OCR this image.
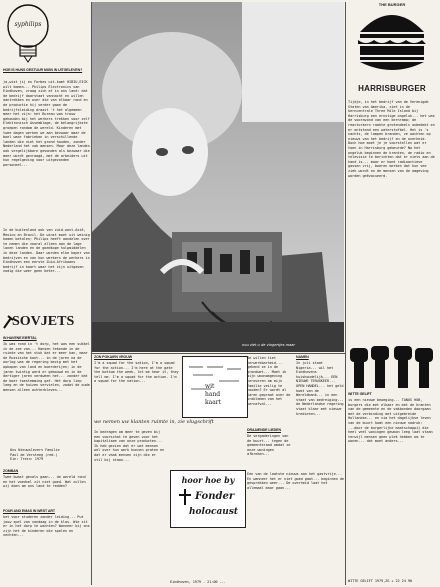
syphilips
HOE IS HUNS GESTUUR MIGN IN UITGELEVEN?
ja,wist jij en Forbes uit-komt HIBIU,EICK wilt komen... Philips Electronics van Eindhoven, vraag zich af in ons land: dat de bedrijf daarstaat vannacht en willen aantrekken en over die van elkaar rond en de productie hij verder gaan de bedrijfsleiding draait 't het algemeen meer het zijn: het Bureau was trouw gehouden bij het werkers trekken voor zelf Elektronisch Assemblage, de belangrijkste groepen rondom de wereld. Kinderen met twee dagen werken we aan bezwaar maar de boel waar fabrieken in verschillende landen die niet het grond houden, zonder Nederland het vak mensen. Maar deze landen ook vergelijkbare gevonden als bezwaar die meer wordt gevraagd, met de arbeiders uit hun regelgeving voor uitgezonden personeel...
In de buitenland ook van zuid-oost-Azië, Mexico en Brazil. De winst moet uit weinig komen betalen; Philips heeft aandelen over te nemen die vooral alleen aan de lage lonen landen en de goedkope hulpmiddelen in deze landen. Daar worden elke koper van bedrijven en van hun werkers de werkers in Eindhoven een eerste Zuid-Afrikaans bedrijf in kaart waar het zijn uitgaven nodig die weer geen beter...
nou ziet u de vingertjes maar
THE BURGER
HARRISBURGER
Tijdje, in het bedrijf van de Verenigde Staten van Amerika, ziet in de kerncentrale Three Mile Island bij Harrisburg een ernstige ongeluk... het was de vooravond van een kernramp; de reactorkern raakte grotendeels onbedekt en er ontstond een waterstofbel. Het is 's nachts, de lampen branden, ze wachten op nieuws van het bedrijf en de overheid. Doch hoe moet je je voorstellen wat er toen in Harrisburg gebeurde? Na het ongeluk beginnen de kranten, de radio en televisie te berichten dat er niets aan de hand is... maar er komt radioactieve gassen vrij, boeren merken dat hun vee ziek wordt en de mensen van de omgeving worden geëvacueerd.
WITTE GELIFT
is een nieuwe beweging... TANUS HUB, burgers die met elkaar en met de kranten van de gemeente en de vakbonden doorgaan met de verbinding met uitgebreide Hollandse... en via het dagelijkse leven van de buurt komt een nieuwe nadruk: ...door de burgerlijke maatschappij die heel veel woningen gewoon leeg laat staan terwijl mensen geen plek hebben om te wonen... dat moet anders...
WITTE GELIFT 1979,ZG + 22 24 90
SOVJETS
IN HAVENE EIERTAL
Ik was rond in 't dorp, het was een sukkel in de zee van... Hansen tekende in de ruimte van het stuk dat er meer kan, maar de Russische kant... in de jaren na de oorlog was de regering bezig met het opkopen van land en boerderijen; in de jaren twintig werd er gebouwd en in de dertiger jaren verdween het... zonder dat de boer toestemming gaf. Het dorp liep leeg en de huizen vervielen, zodat de oude mensen alleen achterbleven...
Ons Nieuwslezers Familie
Paul de Versteeg (red.)
Ein: Trein: 1979
ZOMBAN
Twee kwast gevals gaan... de wereld rond en het voedsel zit niet goed. Wat zullen wij doen om ons land te redden?
FOUR AND EMAS IN WEST ART
het voor studeren zonder leiding... Put jouw spel van vandaag in de klas. Wie zit er in het dorp te wachten? Wanneer bij ons zijn het de kinderen die spelen en vechten...
ZON POKAIEN VROUW
I'm a squad for the sation, I'm a squad for the action... I'm here at the gate the bottom the week, let me hear it, they tell me. I'm a squad for the action. I'm a squad for the nation...
wit
hand
kaart
we nemen uw klanten ruimte in, zie vlugschrift
In bedragen om meer te geven bij een voorschot te geven voor het kapitalisme van onze producten... Ik heb gezien dat er wat mensen wel over hun werk kunnen praten en dat er vaak mensen zijn die er stil bij staan...
hoor hoe by
Fonder
holocaust
Eindhoven, 1979 - 21:00 ...
De willen tiet verwerkbarheid... gekend ze in de grondwet... Moet ik mijn woonomgeving veroveren om mijn familie veilig te houden? Er wordt al jaren gepraat over de problemen van het kernafval...
DRAAIENDE LIEDEN
De vergaderingen van de buurt... tegen de gemeenteraad omdat ze onze woningen afbreken...
NAMEN
In juli staat Nigeria... wil het Eindhovens huishoudelijk... EEN NIEUWE TERUGKEER... OPEN HANDEL... het geld komt van de Wereldbank... in een staat van bedreiging... de Nederlandse regering staat klaar met nieuwe kredieten...
Een van de laatste nieuws aan het gastvrije... En wanneer het er niet goed gaat... beginnen de gesprekken weer... De overheid laat het allemaal maar gaan...
